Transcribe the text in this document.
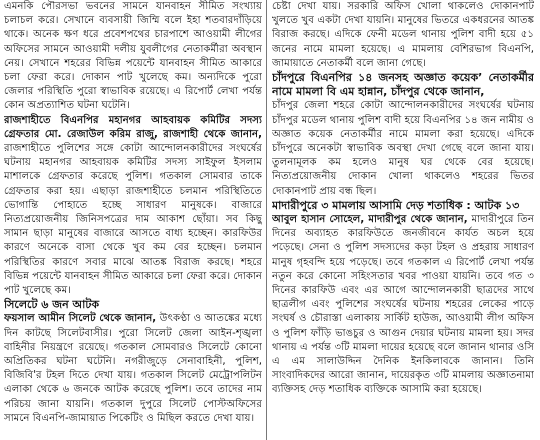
এমনকি পৌরসভা ভবনের সামনে যানবাহন সীমিত সংখ্যায় চলাচল করে। সেখানে ব্যবসায়ী জিম্মি বলে ইহা শতবারদাঁড়িয়ে থাকে। অনেক ক্ষণ ধরে প্রবেশপথের চারপাশে আওয়ামী লীগের অফিসের সামনে আওয়ামী দলীয় যুবলীগের নেতাকর্মীরা অবস্থান নেয়। সেখানে শহরের বিভিন্ন পয়েন্টে যানবাহন সীমিত আকারে চলা ফেরা করে। দোকান পাট খুলেছে কম। অন্যদিকে পুরো জেলার পরিস্থিতি পুরো স্বাভাবিক রয়েছে। এ রিপোর্ট লেখা পর্যন্ত কোন অপ্রত্যাশিত ঘটনা ঘটেনি।

রাজশাহীতে বিএনপির মহানগর আহবায়ক কমিটির সদস্য গ্রেফতার মো. রেজাউল করিম রাজু, রাজশাহী থেকে জানান, রাজশাহীতে পুলিশের সঙ্গে কোটা আন্দোলনকারীদের সংঘর্ষের ঘটনায় মহানগর আহবায়ক কমিটির সদস্য সাইফুল ইসলাম মাশালকে গ্রেফতার করেছে পুলিশ। গতকাল সোমবার তাকে গ্রেফতার করা হয়। এছাড়া রাজশাহীতে চলমান পরিস্থিতিতে ভোগান্তি পোহাতে হচ্ছে সাধারণ মানুষকে। বাজারে নিত্যপ্রয়োজনীয় জিনিসপত্রের দাম আকাশ ছোঁয়া। সব কিছু সামান ছাড়া মানুষের বাজারে আসতে বাধ্য হচ্ছেন। কারফিউর কারণে অনেকে বাসা থেকে খুব কম বের হচ্ছেন। চলমান পরিস্থিতির কারণে সবার মাঝে আতঙ্ক বিরাজ করছে। শহরে বিভিন্ন পয়েন্টে যানবাহন সীমিত আকারে চলা ফেরা করে। দোকান পাট খুলেছে কম।

সিলেটে ৬ জন আটক

ফয়সাল আমীন সিলেট থেকে জানান, উৎকণ্ঠা ও আতঙ্কের মধ্যে দিন কাটছে সিলেটবাসীর। পুরো সিলেট জেলা আইন-শৃঙ্খলা বাহিনীর নিয়ন্ত্রণে রয়েছে। গতকাল সোমবারও সিলেটে কোনো অপ্রিতিকর ঘটনা ঘটেনি। নগরীজুড়ে সেনাবাহিনী, পুলিশ, বিজিবি'র টহল দিতে দেখা যায়। গতকাল সিলেট মেট্রোপলিটন এলাকা থেকে ৬ জনকে আটক করেছে পুলিশ। তবে তাদের নাম পরিচয় জানা যায়নি। গতকাল দুপুরে সিলেট পোস্টঅফিসের সামনে বিএনপি-জামায়াত পিকেটিং ও মিছিল করতে দেখা যায়।

চেষ্টা দেখা যায়। সরকারি অফিস খোলা থাকলেও দোকানপাট খুলতে খুব একটা দেখা যায়নি। মানুষের ভিতরে একধরনের আতঙ্ক বিরাজ করছে। এদিকে ফেনী মডেল থানায় পুলিশ বাদী হয়ে ৫১ জনের নামে মামলা হয়েছে। এ মামলায় বেশিরভাগ বিএনপি, জামায়াতে নেতাকর্মী বলে জানা গেছে।

চাঁদপুরে বিএনপির ১৪ জনসহ অজ্ঞাত কয়েক’ নেতাকর্মীর নামে মামলা বি এম হান্নান, চাঁদপুর থেকে জানান,

চাঁদপুর জেলা শহরে কোটা আন্দোলনকারীদের সংঘর্ষের ঘটনায় চাঁদপুর মডেল থানায় পুলিশ বাদী হয়ে বিএনপির ১৪ জন নামীয় ও অজ্ঞাত কয়েক নেতাকর্মীর নামে মামলা করা হয়েছে। এদিকে চাঁদপুরে অনেকটা স্বাভাবিক অবস্থা দেখা গেছে বলে জানা যায়। তুলনামূলক কম হলেও মানুষ ঘর থেকে বের হয়েছে। নিত্যপ্রয়োজনীয় দোকান খোলা থাকলেও শহরের ভিতর দোকানপাট প্রায় বন্ধ ছিল।

মাদারীপুরে ৩ মামলায় আসামি দেড় শতাধিক : আটক ১৩

আবুল হাসান সোহেল, মাদারীপুর থেকে জানান, মাদারীপুরে তিন দিনের অব্যাহত কারফিউতে জনজীবনে কার্যত অচল হয়ে পড়েছে। সেনা ও পুলিশ সদস্যদের কড়া টহল ও প্রহরায় সাধারণ মানুষ গৃহবন্দি হয়ে পড়েছে। তবে গতকাল এ রিপোর্ট লেখা পর্যন্ত নতুন করে কোনো সহিংসতার খবর পাওয়া যায়নি। তবে গত ৩ দিনের কারফিউ এবং এর আগে আন্দোলনকারী ছাত্রদের সাথে ছাত্রলীগ এবং পুলিশের সংঘর্ষের ঘটনায় শহরের লেকের পাড়ে সংঘর্ষ ও চৌরাস্তা এলাকায় সার্কিট হাউজ, আওয়ামী লীগ অফিস ও পুলিশ ফাঁড়ি ভাঙচুর ও আগুন দেয়ার ঘটনায় মামলা হয়। সদর থানায় এ পর্যন্ত ৩টি মামলা দায়ের হয়েছে বলে জানান থানার ওসি এ এম সালাউদ্দিন দৈনিক ইনকিলাবকে জানান। তিনি সাংবাদিকদের আরো জানান, দায়েরকৃত ৩টি মামলায় অজ্ঞাতনামা ব্যক্তিসহ দেড় শতাধিক ব্যক্তিকে আসামি করা হয়েছে।
